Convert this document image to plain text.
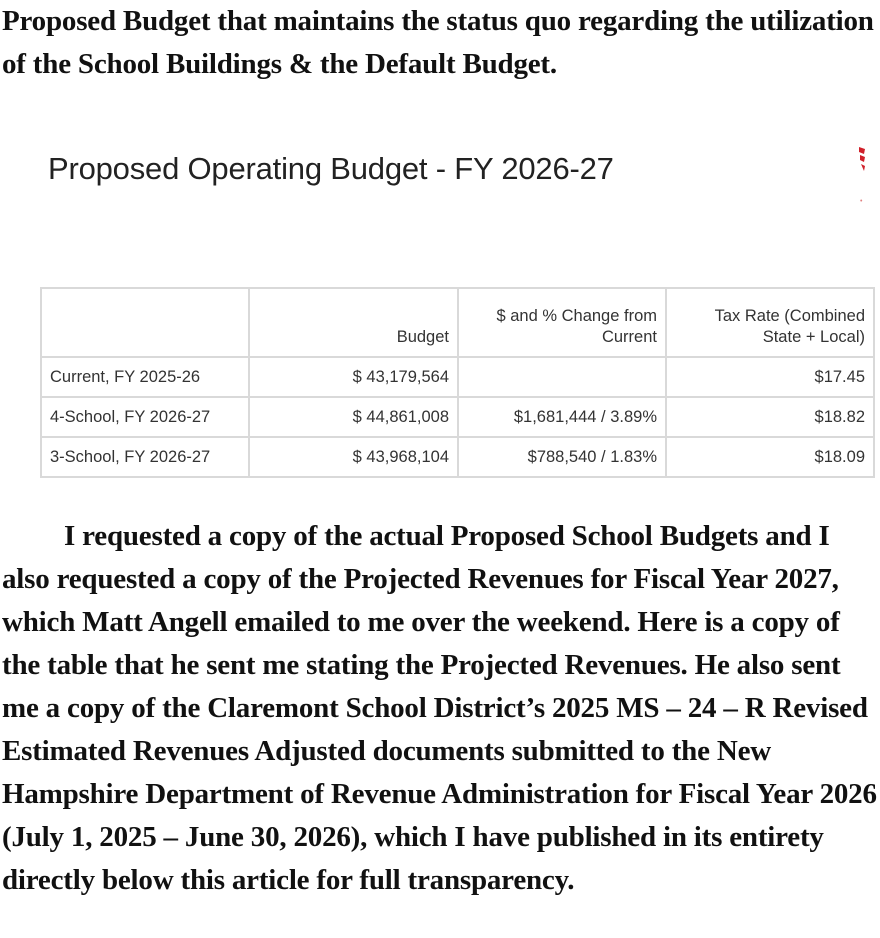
Proposed Budget that maintains the status quo regarding the utilization of the School Buildings & the Default Budget.

Proposed Operating Budget - FY 2026-27
•
	Budget	$ and % Change from Current	Tax Rate (Combined State + Local)
Current, FY 2025-26	$ 43,179,564		$17.45
4-School, FY 2026-27	$ 44,861,008	$1,681,444 / 3.89%	$18.82
3-School, FY 2026-27	$ 43,968,104	$788,540 / 1.83%	$18.09

I requested a copy of the actual Proposed School Budgets and I also requested a copy of the Projected Revenues for Fiscal Year 2027, which Matt Angell emailed to me over the weekend. Here is a copy of the table that he sent me stating the Projected Revenues. He also sent me a copy of the Claremont School District’s 2025 MS – 24 – R Revised Estimated Revenues Adjusted documents submitted to the New Hampshire Department of Revenue Administration for Fiscal Year 2026 (July 1, 2025 – June 30, 2026), which I have published in its entirety directly below this article for full transparency.
